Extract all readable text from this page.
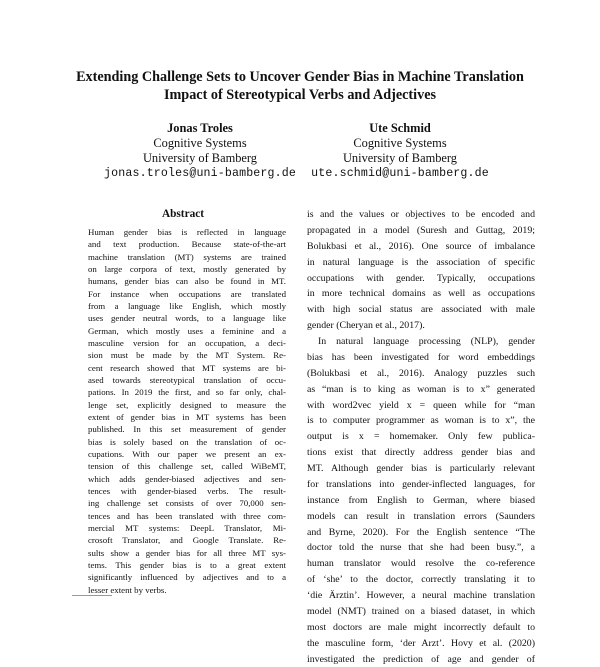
Extending Challenge Sets to Uncover Gender Bias in Machine Translation
Impact of Stereotypical Verbs and Adjectives
Jonas Troles
Cognitive Systems
University of Bamberg
jonas.troles@uni-bamberg.de
Ute Schmid
Cognitive Systems
University of Bamberg
ute.schmid@uni-bamberg.de
Abstract
Human gender bias is reflected in language
and text production. Because state-of-the-art
machine translation (MT) systems are trained
on large corpora of text, mostly generated by
humans, gender bias can also be found in MT.
For instance when occupations are translated
from a language like English, which mostly
uses gender neutral words, to a language like
German, which mostly uses a feminine and a
masculine version for an occupation, a deci-
sion must be made by the MT System. Re-
cent research showed that MT systems are bi-
ased towards stereotypical translation of occu-
pations. In 2019 the first, and so far only, chal-
lenge set, explicitly designed to measure the
extent of gender bias in MT systems has been
published. In this set measurement of gender
bias is solely based on the translation of oc-
cupations. With our paper we present an ex-
tension of this challenge set, called WiBeMT,
which adds gender-biased adjectives and sen-
tences with gender-biased verbs. The result-
ing challenge set consists of over 70,000 sen-
tences and has been translated with three com-
mercial MT systems: DeepL Translator, Mi-
crosoft Translator, and Google Translate. Re-
sults show a gender bias for all three MT sys-
tems. This gender bias is to a great extent
significantly influenced by adjectives and to a
lesser extent by verbs.
is and the values or objectives to be encoded and
propagated in a model (Suresh and Guttag, 2019;
Bolukbasi et al., 2016). One source of imbalance
in natural language is the association of specific
occupations with gender. Typically, occupations
in more technical domains as well as occupations
with high social status are associated with male
gender (Cheryan et al., 2017).
In natural language processing (NLP), gender
bias has been investigated for word embeddings
(Bolukbasi et al., 2016). Analogy puzzles such
as “man is to king as woman is to x” generated
with word2vec yield x = queen while for “man
is to computer programmer as woman is to x”, the
output is x = homemaker. Only few publica-
tions exist that directly address gender bias and
MT. Although gender bias is particularly relevant
for translations into gender-inflected languages, for
instance from English to German, where biased
models can result in translation errors (Saunders
and Byrne, 2020). For the English sentence “The
doctor told the nurse that she had been busy.”, a
human translator would resolve the co-reference
of ‘she’ to the doctor, correctly translating it to
‘die Ärztin’. However, a neural machine translation
model (NMT) trained on a biased dataset, in which
most doctors are male might incorrectly default to
the masculine form, ‘der Arzt’. Hovy et al. (2020)
investigated the prediction of age and gender of
